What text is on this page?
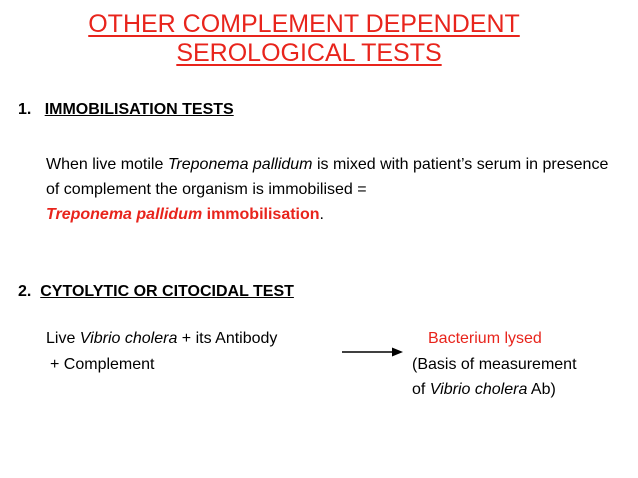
OTHER COMPLEMENT DEPENDENT
SEROLOGICAL TESTS
1. IMMOBILISATION TESTS
When live motile Treponema pallidum is mixed with patient’s serum in presence of complement the organism is immobilised =
Treponema pallidum immobilisation.
2. CYTOLYTIC OR CITOCIDAL TEST
Live Vibrio cholera + its Antibody
+ Complement
Bacterium lysed
(Basis of measurement
of Vibrio cholera Ab)
